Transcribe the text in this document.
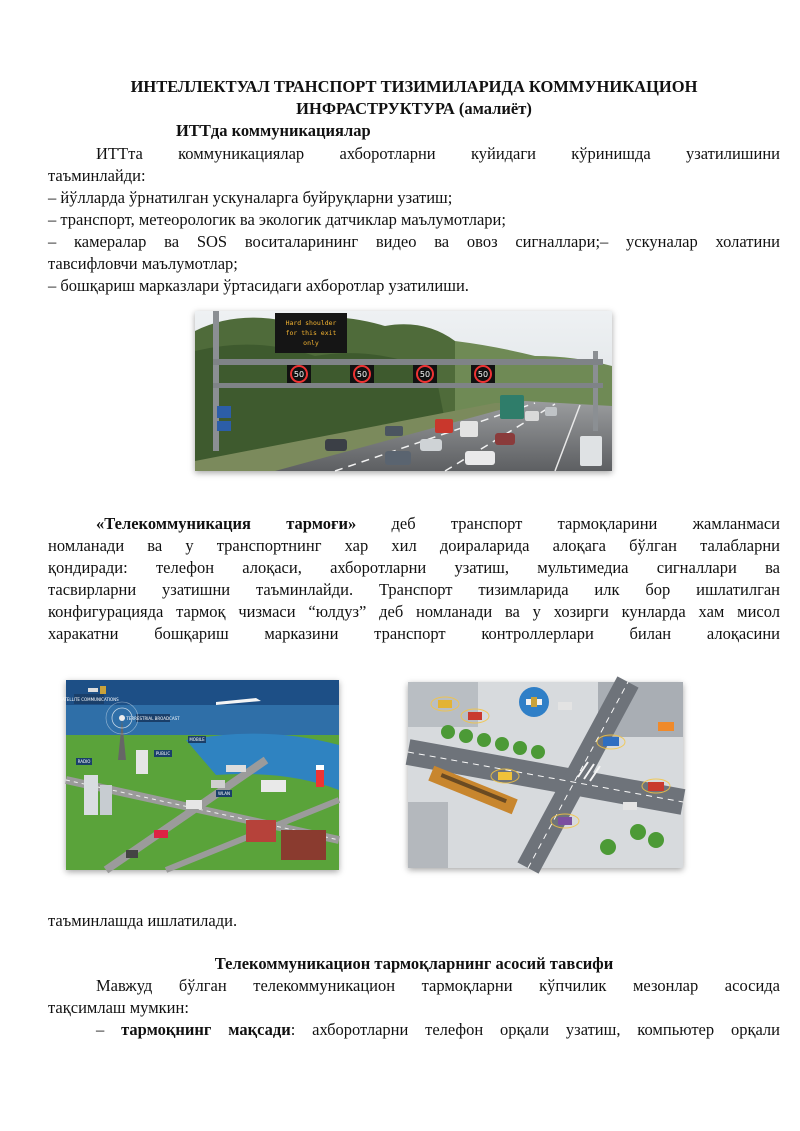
ИНТЕЛЛЕКТУАЛ ТРАНСПОРТ ТИЗИМИЛАРИДА КОММУНИКАЦИОН
ИНФРАСТРУКТУРА (амалиёт)
ИТТда коммуникациялар
ИТТта коммуникациялар ахборотларни куйидаги кўринишда узатилишини
таъминлайди:
– йўлларда ўрнатилган ускуналарга буйруқларни узатиш;
– транспорт, метеорологик ва экологик датчиклар маълумотлари;
– камералар ва SOS воситаларининг видео ва овоз сигналлари;– ускуналар холатини
тавсифловчи маълумотлар;
– бошқариш марказлари ўртасидаги ахборотлар узатилиши.
Hard shoulder
for this exit
only
50	50	50	50
«Телекоммуникация тармоғи» деб транспорт тармоқларини жамланмаси
номланади ва у транспортнинг хар хил доираларида алоқага бўлган талабларни
қондиради: телефон алоқаси, ахборотларни узатиш, мультимедиа сигналлари ва
тасвирларни узатишни таъминлайди. Транспорт тизимларида илк бор ишлатилган
конфигурацияда тармоқ чизмаси “юлдуз” деб номланади ва у хозирги кунларда хам мисол
харакатни бошқариш марказини транспорт контроллерлари билан алоқасини
SATELLITE COMMUNICATIONS
TERRESTRIAL BROADCAST
MOBILE
PUBLIC
RADIO
WLAN
таъминлашда ишлатилади.
Телекоммуникацион тармоқларнинг асосий тавсифи
Мавжуд бўлган телекоммуникацион тармоқларни кўпчилик мезонлар асосида
тақсимлаш мумкин:
– тармоқнинг мақсади: ахборотларни телефон орқали узатиш, компьютер орқали
